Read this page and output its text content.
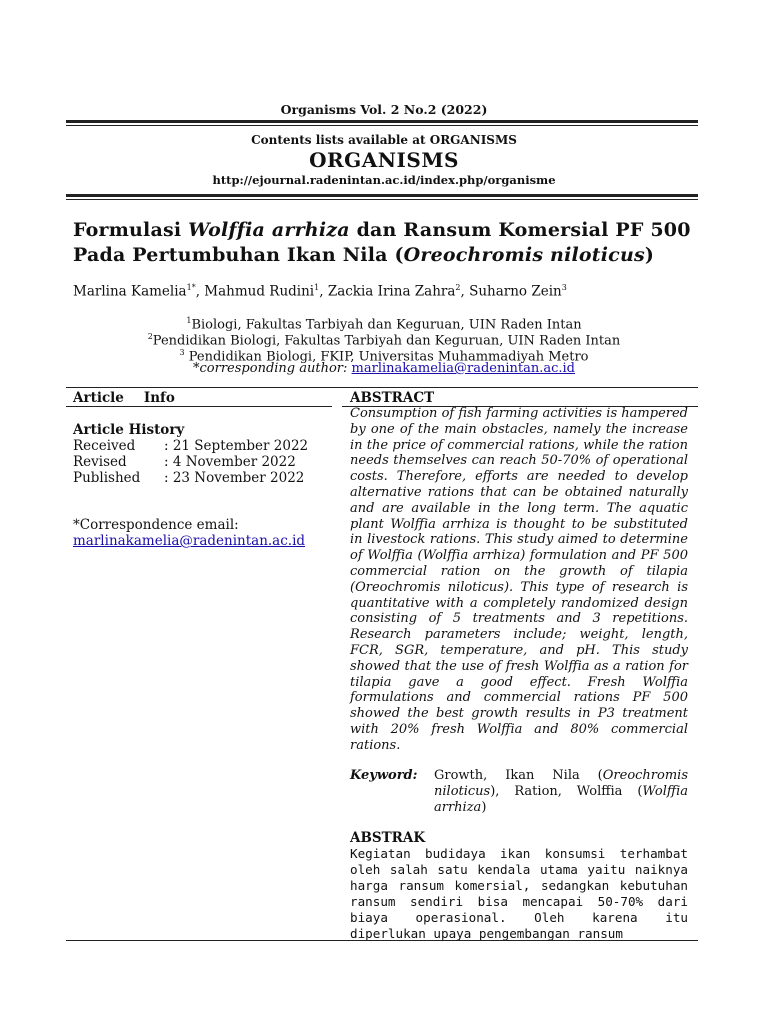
Organisms Vol. 2 No.2 (2022)
Contents lists available at ORGANISMS
ORGANISMS
http://ejournal.radenintan.ac.id/index.php/organisme
Formulasi Wolffia arrhiza dan Ransum Komersial PF 500 Pada Pertumbuhan Ikan Nila (Oreochromis niloticus)
Marlina Kamelia$^{1*}$, Mahmud Rudini$^1$, Zackia Irina Zahra$^2$, Suharno Zein$^3$
$^1$Biologi, Fakultas Tarbiyah dan Keguruan, UIN Raden Intan
$^2$Pendidikan Biologi, Fakultas Tarbiyah dan Keguruan, UIN Raden Intan
$^3$ Pendidikan Biologi, FKIP, Universitas Muhammadiyah Metro
*corresponding author: marlinakamelia@radenintan.ac.id
Article Info
Article History
Received	: 21 September 2022
Revised	: 4 November 2022
Published	: 23 November 2022
*Correspondence email:
marlinakamelia@radenintan.ac.id
ABSTRACT

Consumption of fish farming activities is hampered by one of the main obstacles, namely the increase in the price of commercial rations, while the ration needs themselves can reach 50-70% of operational costs. Therefore, efforts are needed to develop alternative rations that can be obtained naturally and are available in the long term. The aquatic plant Wolffia arrhiza is thought to be substituted in livestock rations. This study aimed to determine of Wolffia (Wolffia arrhiza) formulation and PF 500 commercial ration on the growth of tilapia (Oreochromis niloticus). This type of research is quantitative with a completely randomized design consisting of 5 treatments and 3 repetitions. Research parameters include; weight, length, FCR, SGR, temperature, and pH. This study showed that the use of fresh Wolffia as a ration for tilapia gave a good effect. Fresh Wolffia formulations and commercial rations PF 500 showed the best growth results in P3 treatment with 20% fresh Wolffia and 80% commercial rations.

Keyword: Growth, Ikan Nila (Oreochromis niloticus), Ration, Wolffia (Wolffia arrhiza)
ABSTRAK
Kegiatan budidaya ikan konsumsi terhambat oleh salah satu kendala utama yaitu naiknya harga ransum komersial, sedangkan kebutuhan ransum sendiri bisa mencapai 50-70% dari biaya operasional. Oleh karena itu diperlukan upaya pengembangan ransum
